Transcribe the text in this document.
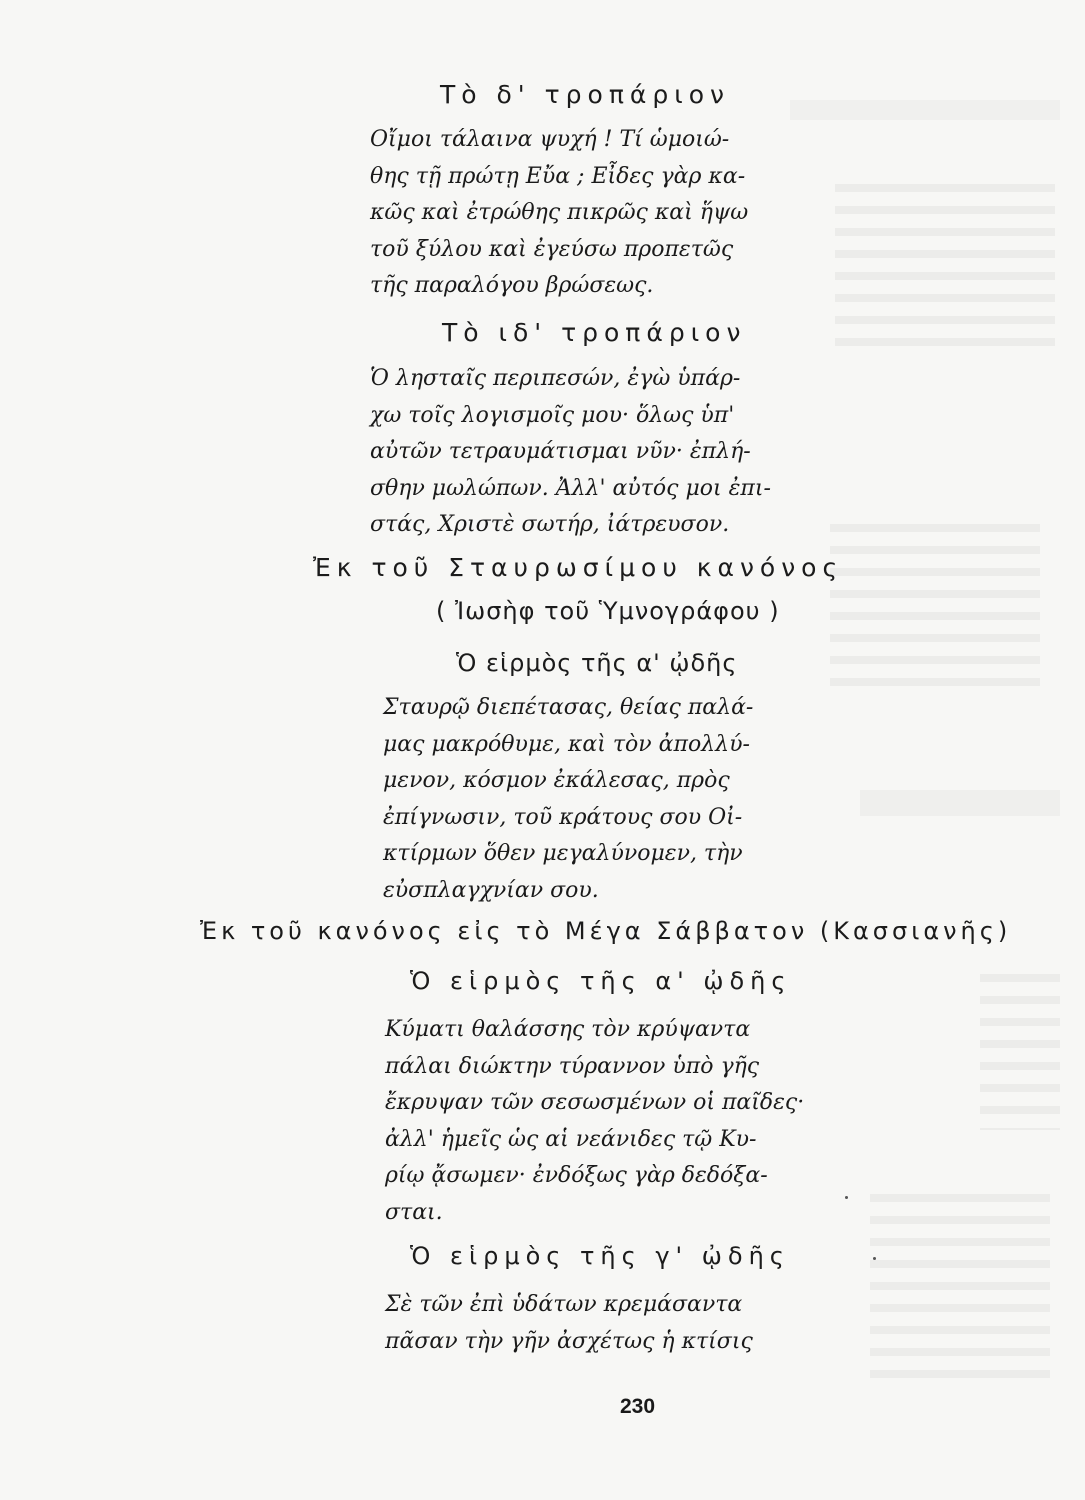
Τὸ δ' τροπάριον
Οἴμοι τάλαινα ψυχή ! Τί ὡμοιώ-
θης τῇ πρώτῃ Εὔα ; Εἶδες γὰρ κα-
κῶς καὶ ἐτρώθης πικρῶς καὶ ἥψω
τοῦ ξύλου καὶ ἐγεύσω προπετῶς
τῆς παραλόγου βρώσεως.
Τὸ ιδ' τροπάριον
Ὁ λησταῖς περιπεσών, ἐγὼ ὑπάρ-
χω τοῖς λογισμοῖς μου· ὅλως ὑπ'
αὐτῶν τετραυμάτισμαι νῦν· ἐπλή-
σθην μωλώπων. Ἀλλ' αὐτός μοι ἐπι-
στάς, Χριστὲ σωτήρ, ἰάτρευσον.
Ἐκ τοῦ Σταυρωσίμου κανόνος
( Ἰωσὴφ τοῦ Ὑμνογράφου )
Ὁ εἱρμὸς τῆς α' ᾠδῆς
Σταυρῷ διεπέτασας, θείας παλά-
μας μακρόθυμε, καὶ τὸν ἀπολλύ-
μενον, κόσμον ἐκάλεσας, πρὸς
ἐπίγνωσιν, τοῦ κράτους σου Οἰ-
κτίρμων ὅθεν μεγαλύνομεν, τὴν
εὐσπλαγχνίαν σου.
Ἐκ τοῦ κανόνος εἰς τὸ Μέγα Σάββατον (Κασσιανῆς)
Ὁ εἱρμὸς τῆς α' ᾠδῆς
Κύματι θαλάσσης τὸν κρύψαντα
πάλαι διώκτην τύραννον ὑπὸ γῆς
ἔκρυψαν τῶν σεσωσμένων οἱ παῖδες·
ἀλλ' ἡμεῖς ὡς αἱ νεάνιδες τῷ Κυ-
ρίῳ ᾄσωμεν· ἐνδόξως γὰρ δεδόξα-
σται.
Ὁ εἱρμὸς τῆς γ' ᾠδῆς
Σὲ τῶν ἐπὶ ὑδάτων κρεμάσαντα
πᾶσαν τὴν γῆν ἀσχέτως ἡ κτίσις
230
